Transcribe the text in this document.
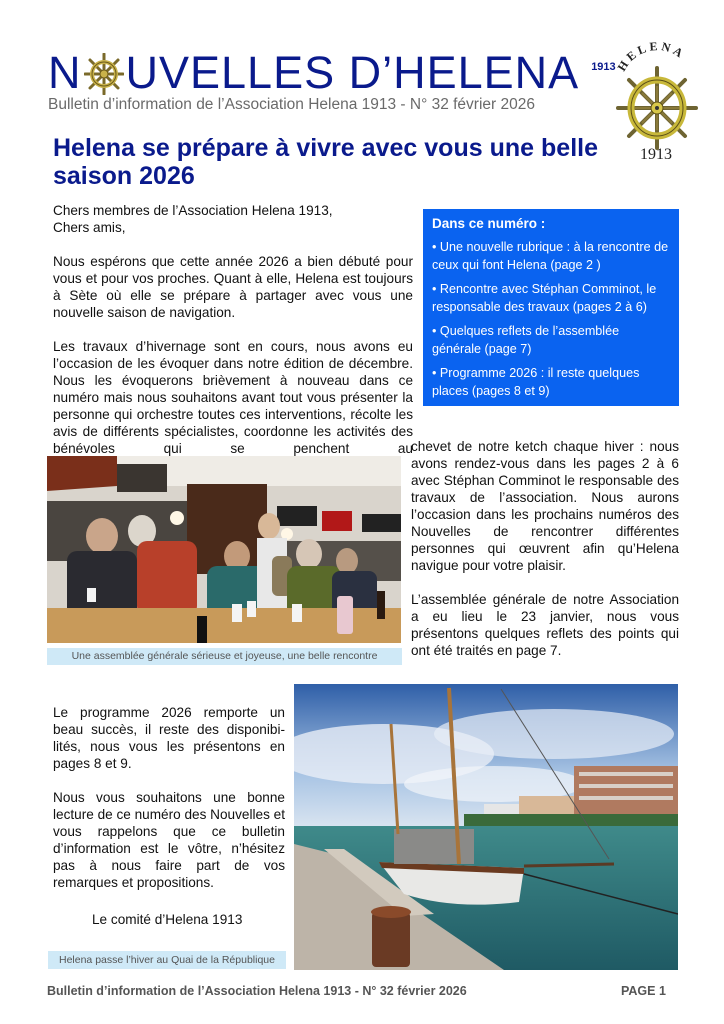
N UVELLES D’HELENA 1913
Bulletin d’information de l’Association Helena 1913 - N° 32 février 2026
HELENA
1913
Helena se prépare à vivre avec vous une belle saison 2026

Chers membres de l’Association Helena 1913,
Chers amis,

Nous espérons que cette année 2026 a bien débuté pour vous et pour vos proches. Quant à elle, Helena est toujours à Sète où elle se prépare à partager avec vous une nouvelle saison de navigation.

Les travaux d’hivernage sont en cours, nous avons eu l’occasion de les évoquer dans notre édition de décembre. Nous les évoquerons brièvement à nouveau dans ce numéro mais nous souhaitons avant tout vous présenter la personne qui orchestre toutes ces interventions, récolte les avis de différents spécialistes, coordonne les activités des bénévoles qui se penchent au

Dans ce numéro :
• Une nouvelle rubrique : à la rencontre de ceux qui font Helena (page 2 )
• Rencontre avec Stéphan Comminot, le responsable des travaux (pages 2 à 6)
• Quelques reflets de l’assemblée générale (page 7)
• Programme 2026 : il reste quelques places (pages 8 et 9)

chevet de notre ketch chaque hiver : nous avons rendez-vous dans les pages 2 à 6 avec Stéphan Comminot le responsable des travaux de l’association. Nous aurons l’occasion dans les prochains numéros des Nouvelles de rencontrer différentes personnes qui œuvrent afin qu’Helena navigue pour votre plaisir.

L’assemblée générale de notre Association a eu lieu le 23 janvier, nous vous présentons quelques reflets des points qui ont été traités en page 7.

Une assemblée générale sérieuse et joyeuse, une belle rencontre

Le programme 2026 remporte un beau succès, il reste des disponibilités, nous vous les présentons en pages 8 et 9.

Nous vous souhaitons une bonne lecture de ce numéro des Nouvelles et vous rappelons que ce bulletin d’information est le vôtre, n’hésitez pas à nous faire part de vos remarques et propositions.

Le comité d’Helena 1913
Helena passe l’hiver au Quai de la République
Bulletin d’information de l’Association Helena 1913 - N° 32 février 2026	PAGE 1
